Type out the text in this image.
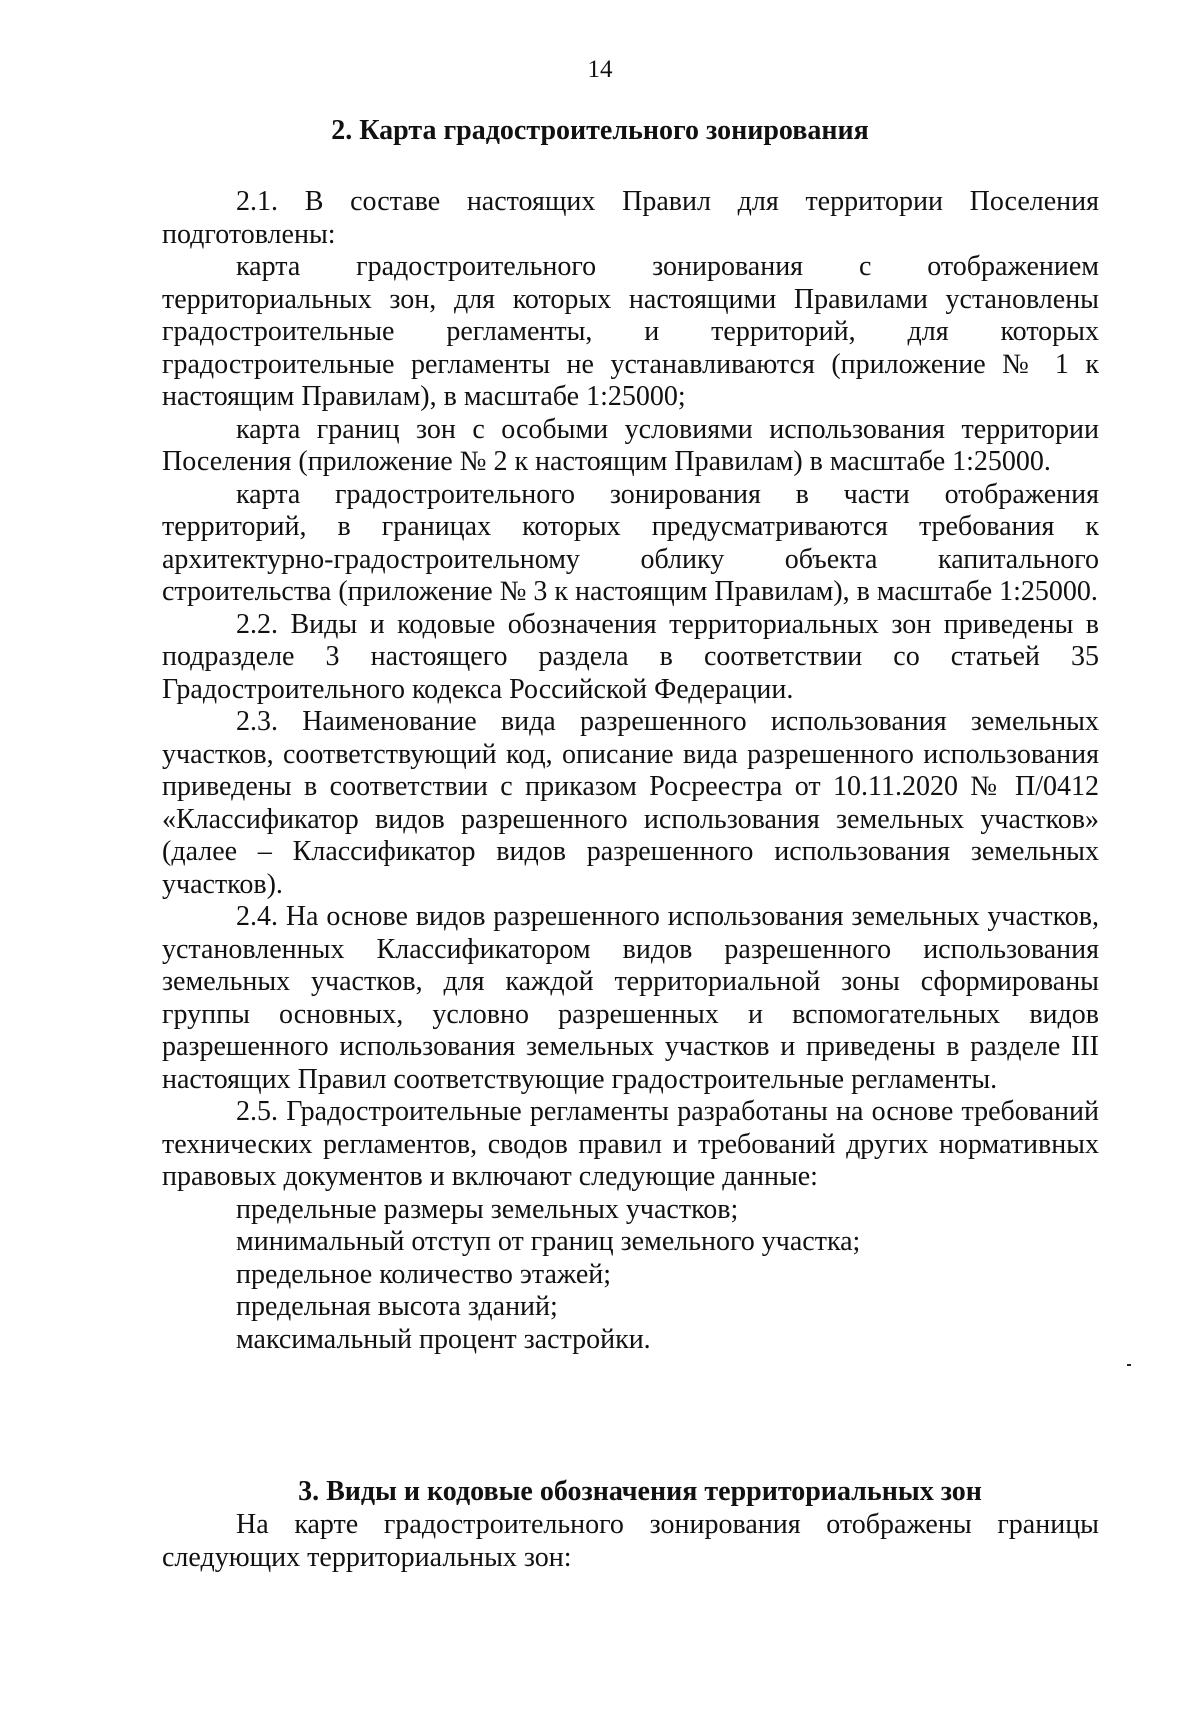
14
2. Карта градостроительного зонирования

2.1. В составе настоящих Правил для территории Поселения подготовлены:

карта градостроительного зонирования с отображением территориальных зон, для которых настоящими Правилами установлены градостроительные регламенты, и территорий, для которых градостроительные регламенты не устанавливаются (приложение № 1 к настоящим Правилам), в масштабе 1:25000;

карта границ зон с особыми условиями использования территории Поселения (приложение № 2 к настоящим Правилам) в масштабе 1:25000.

карта градостроительного зонирования в части отображения территорий, в границах которых предусматриваются требования к архитектурно-градостроительному облику объекта капитального строительства (приложение № 3 к настоящим Правилам), в масштабе 1:25000.

2.2. Виды и кодовые обозначения территориальных зон приведены в подразделе 3 настоящего раздела в соответствии со статьей 35 Градостроительного кодекса Российской Федерации.

2.3. Наименование вида разрешенного использования земельных участков, соответствующий код, описание вида разрешенного использования приведены в соответствии с приказом Росреестра от 10.11.2020 № П/0412 «Классификатор видов разрешенного использования земельных участков» (далее – Классификатор видов разрешенного использования земельных участков).

2.4. На основе видов разрешенного использования земельных участков, установленных Классификатором видов разрешенного использования земельных участков, для каждой территориальной зоны сформированы группы основных, условно разрешенных и вспомогательных видов разрешенного использования земельных участков и приведены в разделе III настоящих Правил соответствующие градостроительные регламенты.

2.5. Градостроительные регламенты разработаны на основе требований технических регламентов, сводов правил и требований других нормативных правовых документов и включают следующие данные:

предельные размеры земельных участков;

минимальный отступ от границ земельного участка;

предельное количество этажей;

предельная высота зданий;

максимальный процент застройки.

3. Виды и кодовые обозначения территориальных зон

На карте градостроительного зонирования отображены границы следующих территориальных зон:
